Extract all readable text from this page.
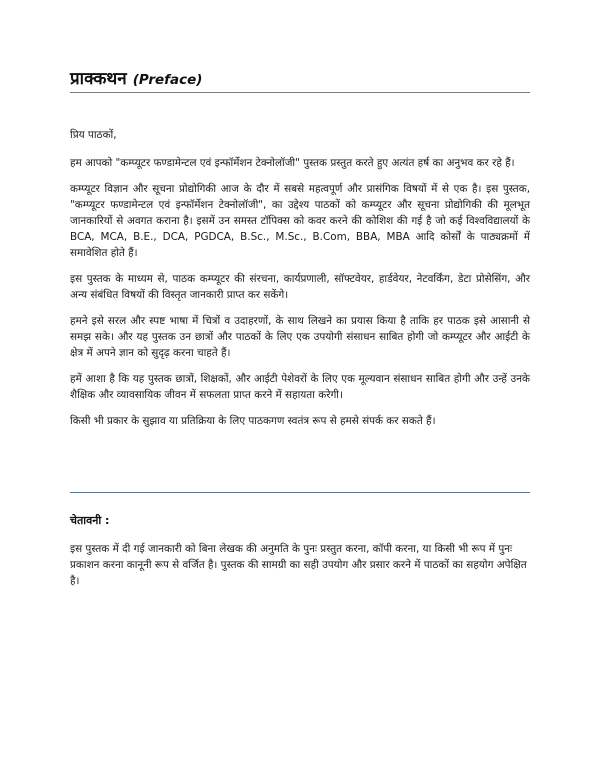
प्राक्कथन (Preface)

प्रिय पाठकों,

हम आपको "कम्प्यूटर फण्डामेन्टल एवं इन्फॉर्मेशन टेक्नोलॉजी" पुस्तक प्रस्तुत करते हुए अत्यंत हर्ष का अनुभव कर रहे हैं।

कम्प्यूटर विज्ञान और सूचना प्रोद्योगिकी आज के दौर में सबसे महत्वपूर्ण और प्रासंगिक विषयों में से एक है। इस पुस्तक, "कम्प्यूटर फण्डामेन्टल एवं इन्फॉर्मेशन टेक्नोलॉजी", का उद्देश्य पाठकों को कम्प्यूटर और सूचना प्रोद्योगिकी की मूलभूत जानकारियों से अवगत कराना है। इसमें उन समस्त टॉपिक्स को कवर करने की कोशिश की गई है जो कई विश्वविद्यालयों के BCA, MCA, B.E., DCA, PGDCA, B.Sc., M.Sc., B.Com, BBA, MBA आदि कोर्सों के पाठ्यक्रमों में समावेशित होते हैं।

इस पुस्तक के माध्यम से, पाठक कम्प्यूटर की संरचना, कार्यप्रणाली, सॉफ्टवेयर, हार्डवेयर, नेटवर्किंग, डेटा प्रोसेसिंग, और अन्य संबंधित विषयों की विस्तृत जानकारी प्राप्त कर सकेंगे।

हमने इसे सरल और स्पष्ट भाषा में चित्रों व उदाहरणों, के साथ लिखने का प्रयास किया है ताकि हर पाठक इसे आसानी से समझ सके। और यह पुस्तक उन छात्रों और पाठकों के लिए एक उपयोगी संसाधन साबित होगी जो कम्प्यूटर और आईटी के क्षेत्र में अपने ज्ञान को सुदृढ़ करना चाहते हैं।

हमें आशा है कि यह पुस्तक छात्रों, शिक्षकों, और आईटी पेशेवरों के लिए एक मूल्यवान संसाधन साबित होगी और उन्हें उनके शैक्षिक और व्यावसायिक जीवन में सफलता प्राप्त करने में सहायता करेगी।

किसी भी प्रकार के सुझाव या प्रतिक्रिया के लिए पाठकगण स्वतंत्र रूप से हमसे संपर्क कर सकते हैं।

चेतावनी :

इस पुस्तक में दी गई जानकारी को बिना लेखक की अनुमति के पुनः प्रस्तुत करना, कॉपी करना, या किसी भी रूप में पुनः प्रकाशन करना कानूनी रूप से वर्जित है। पुस्तक की सामग्री का सही उपयोग और प्रसार करने में पाठकों का सहयोग अपेक्षित है।
